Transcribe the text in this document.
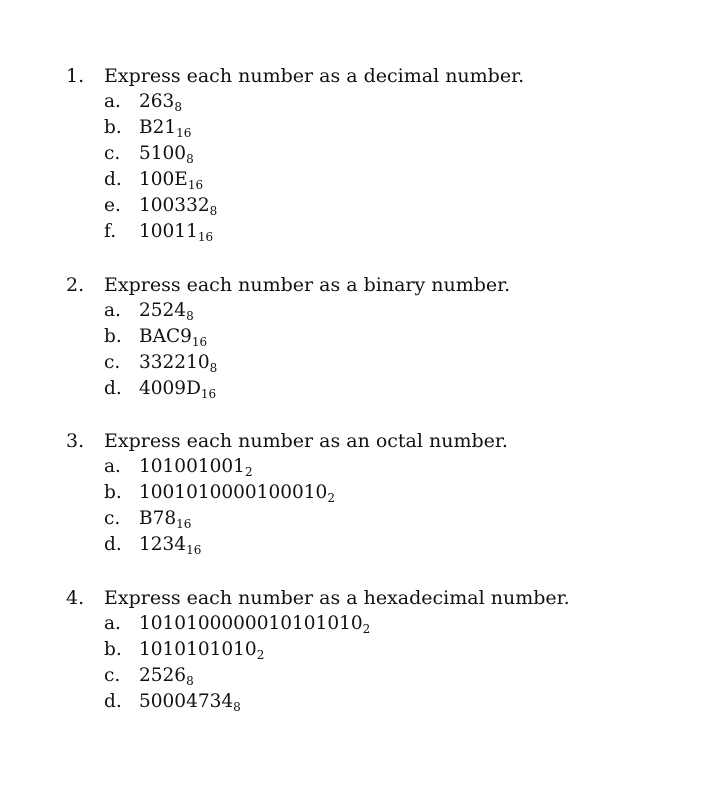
1. Express each number as a decimal number.
a. $263_8$
b. $B21_{16}$
c. $5100_8$
d. $100E_{16}$
e. $100332_8$
f. $10011_{16}$
2. Express each number as a binary number.
a. $2524_8$
b. $BAC9_{16}$
c. $332210_8$
d. $4009D_{16}$
3. Express each number as an octal number.
a. $101001001_2$
b. $1001010000100010_2$
c. $B78_{16}$
d. $1234_{16}$
4. Express each number as a hexadecimal number.
a. $1010100000010101010_2$
b. $1010101010_2$
c. $2526_8$
d. $50004734_8$
